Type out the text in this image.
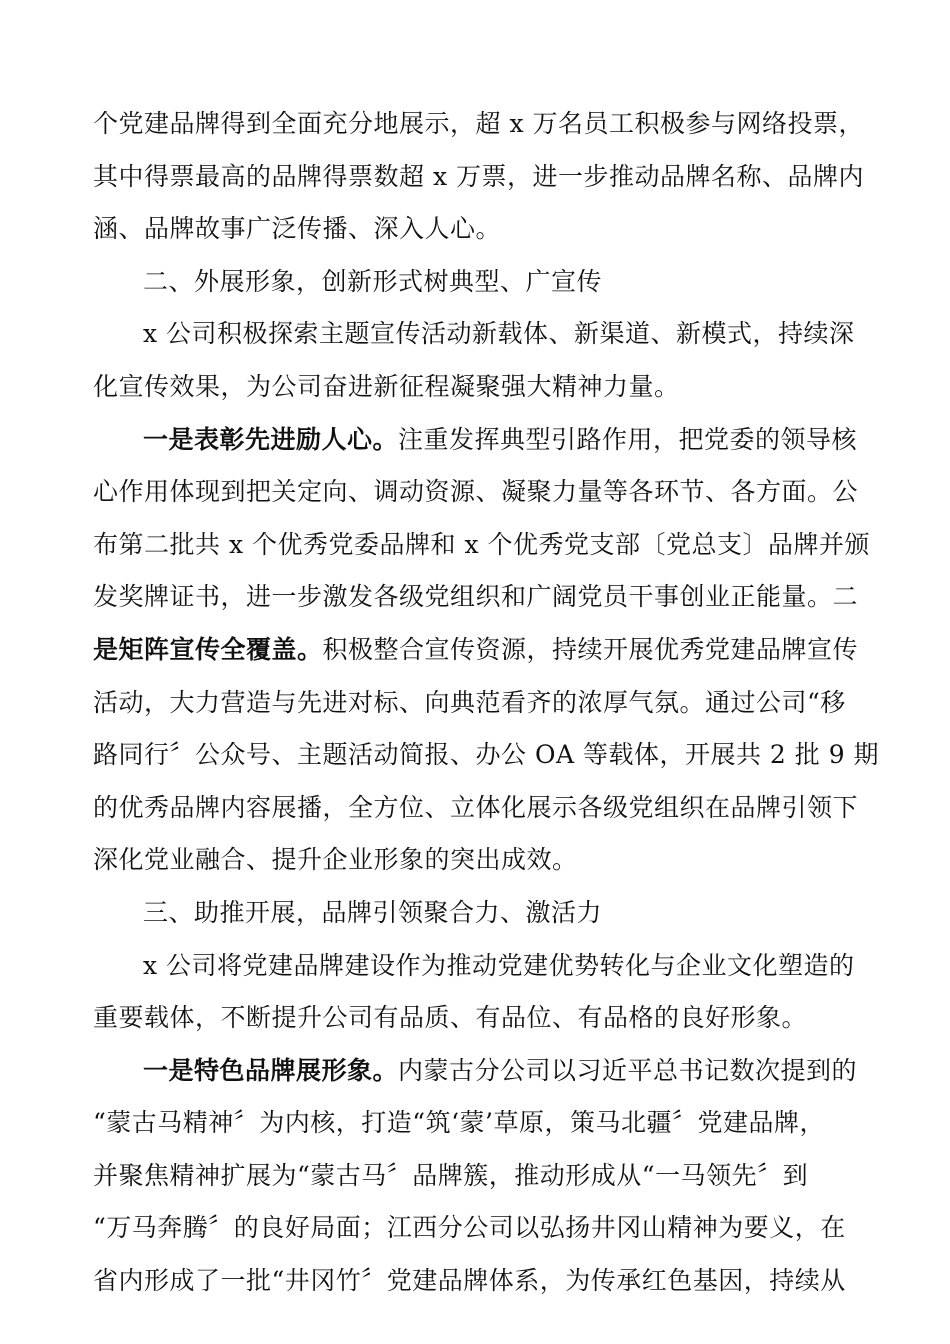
个党建品牌得到全面充分地展示，超 x 万名员工积极参与网络投票，
其中得票最高的品牌得票数超 x 万票，进一步推动品牌名称、品牌内
涵、品牌故事广泛传播、深入人心。
二、外展形象，创新形式树典型、广宣传
x 公司积极探索主题宣传活动新载体、新渠道、新模式，持续深
化宣传效果，为公司奋进新征程凝聚强大精神力量。
一是表彰先进励人心。注重发挥典型引路作用，把党委的领导核
心作用体现到把关定向、调动资源、凝聚力量等各环节、各方面。公
布第二批共 x 个优秀党委品牌和 x 个优秀党支部〔党总支〕品牌并颁
发奖牌证书，进一步激发各级党组织和广阔党员干事创业正能量。二
是矩阵宣传全覆盖。积极整合宣传资源，持续开展优秀党建品牌宣传
活动，大力营造与先进对标、向典范看齐的浓厚气氛。通过公司“移
路同行〞公众号、主题活动简报、办公 OA 等载体，开展共 2 批 9 期
的优秀品牌内容展播，全方位、立体化展示各级党组织在品牌引领下
深化党业融合、提升企业形象的突出成效。
三、助推开展，品牌引领聚合力、激活力
x 公司将党建品牌建设作为推动党建优势转化与企业文化塑造的
重要载体，不断提升公司有品质、有品位、有品格的良好形象。
一是特色品牌展形象。内蒙古分公司以习近平总书记数次提到的
“蒙古马精神〞为内核，打造“筑‘蒙’草原，策马北疆〞党建品牌，
并聚焦精神扩展为“蒙古马〞品牌簇，推动形成从“一马领先〞到
“万马奔腾〞的良好局面；江西分公司以弘扬井冈山精神为要义，在
省内形成了一批“井冈竹〞党建品牌体系，为传承红色基因，持续从
